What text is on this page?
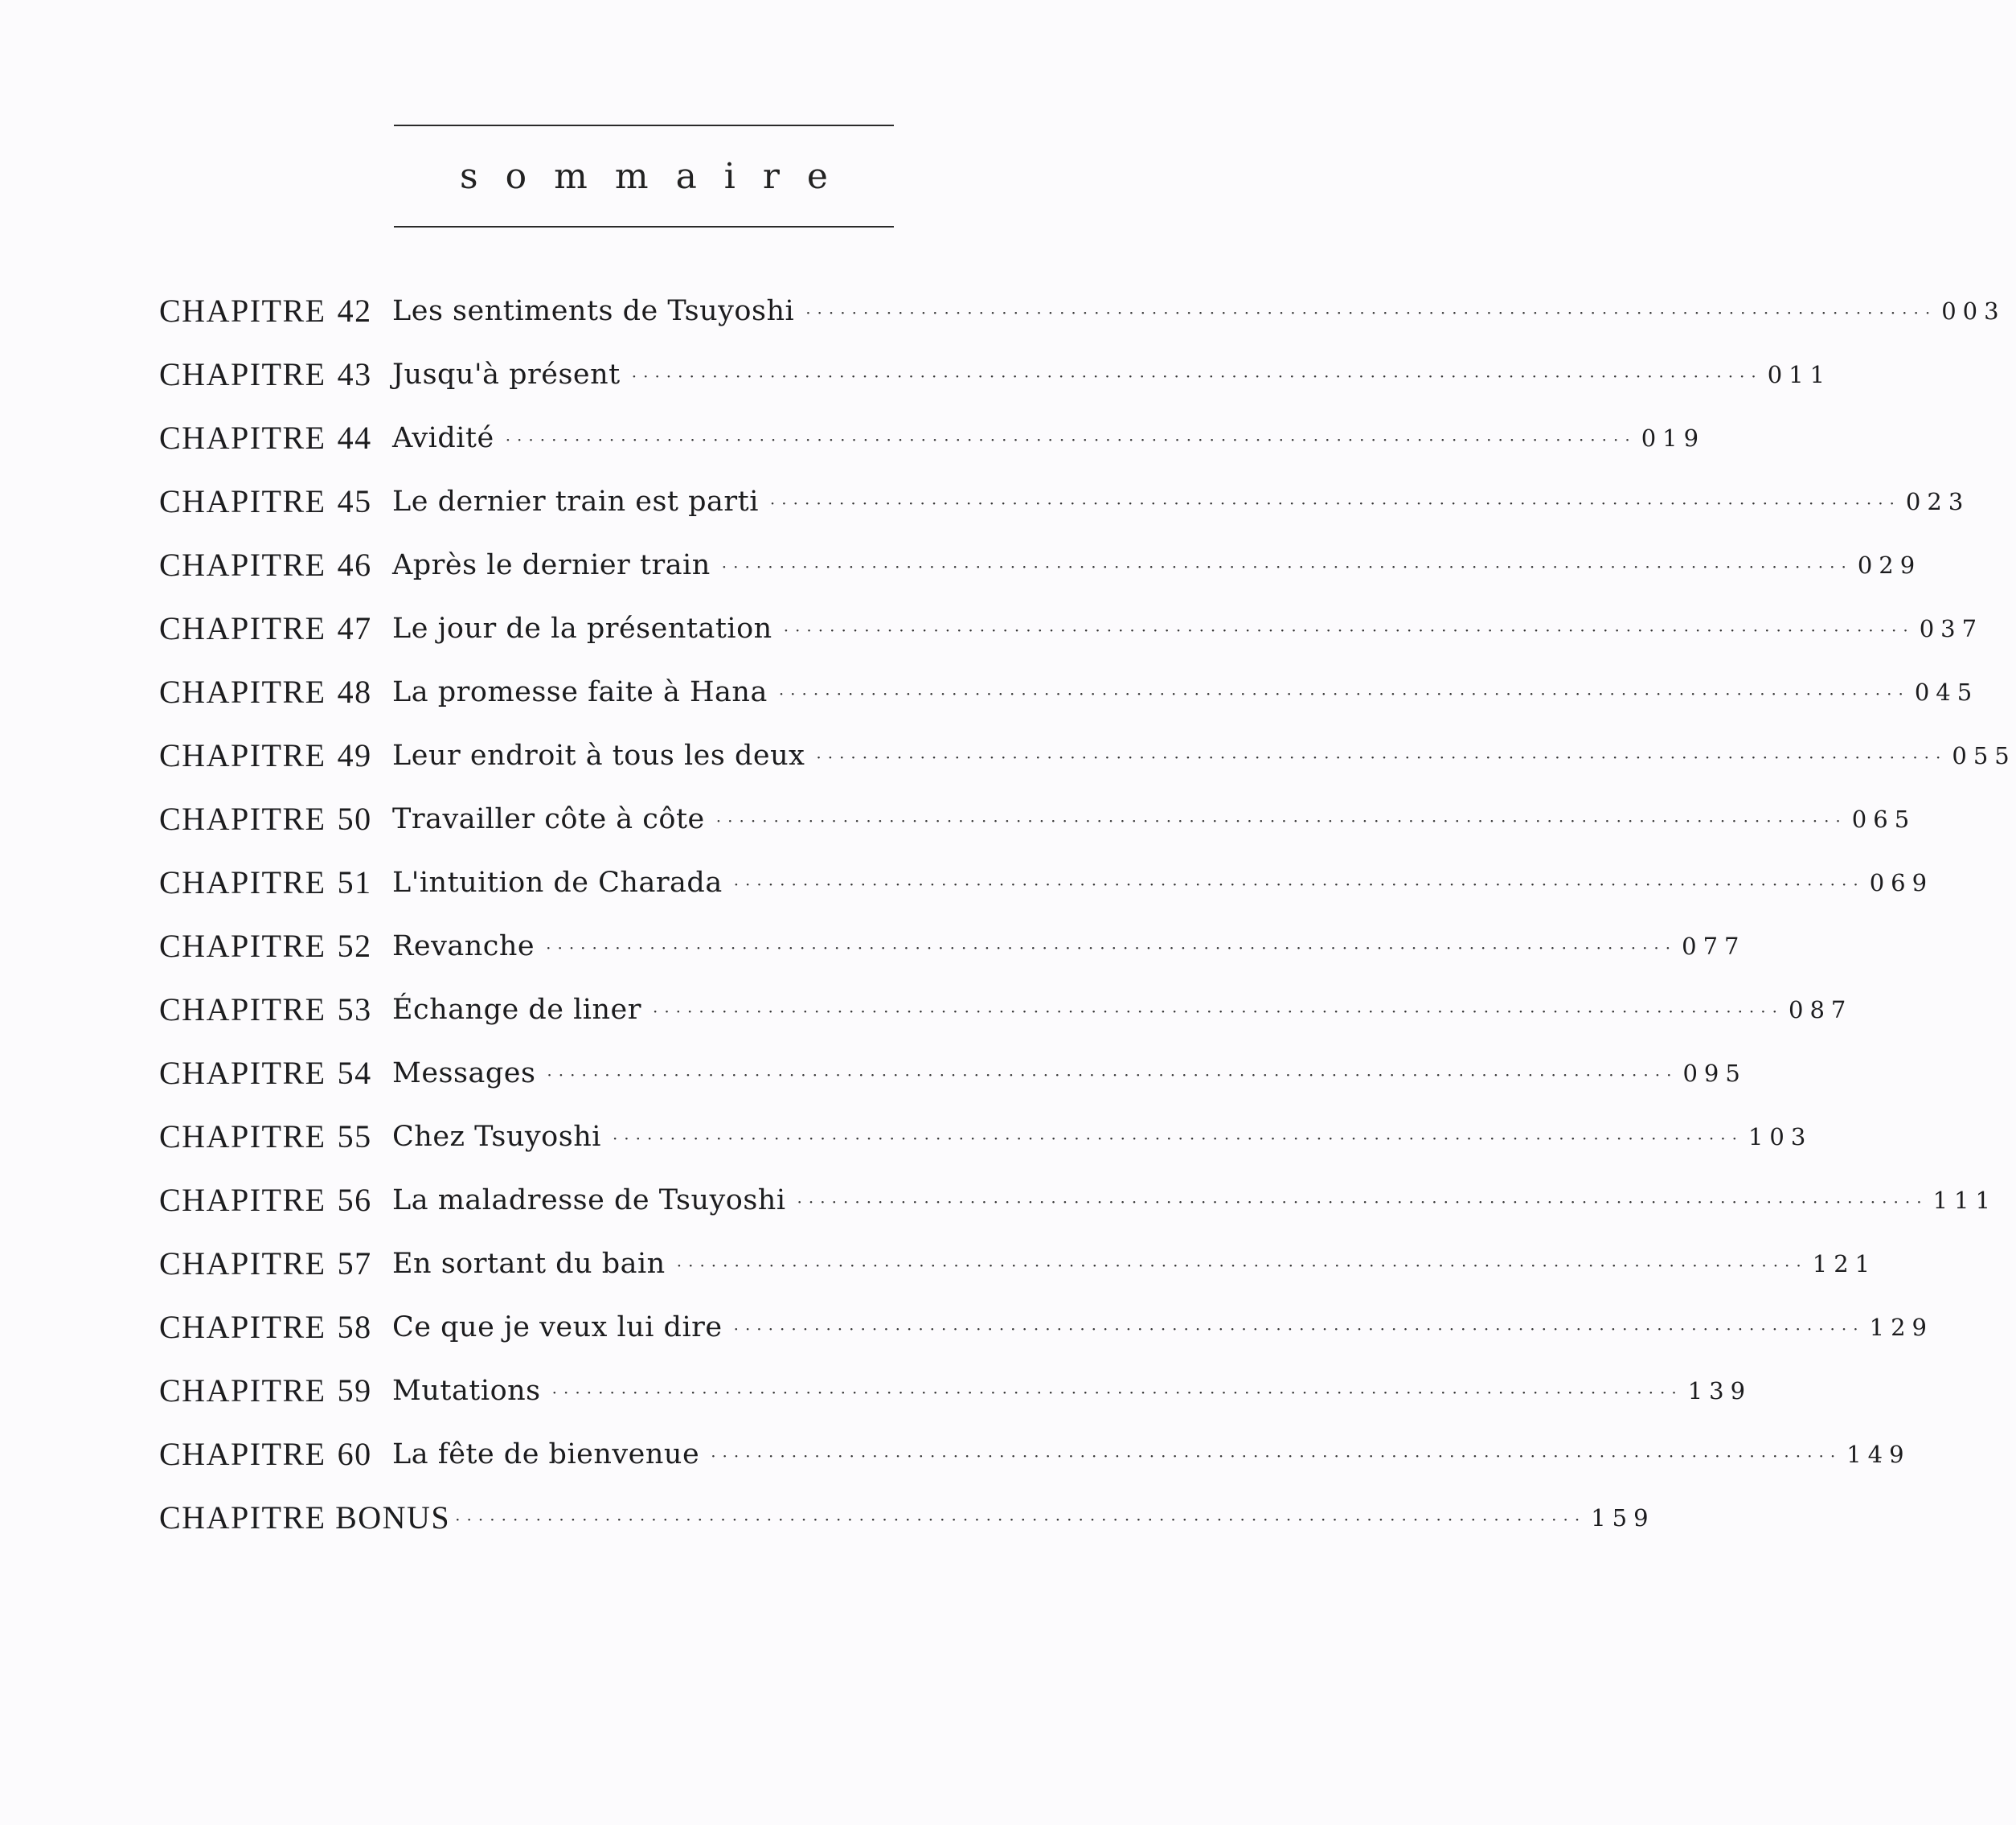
sommaire
CHAPITRE 42 Les sentiments de Tsuyoshi ·································································································· 003
CHAPITRE 43 Jusqu'à présent ·································································································· 011
CHAPITRE 44 Avidité ·································································································· 019
CHAPITRE 45 Le dernier train est parti ·································································································· 023
CHAPITRE 46 Après le dernier train ·································································································· 029
CHAPITRE 47 Le jour de la présentation ·································································································· 037
CHAPITRE 48 La promesse faite à Hana ·································································································· 045
CHAPITRE 49 Leur endroit à tous les deux ·································································································· 055
CHAPITRE 50 Travailler côte à côte ·································································································· 065
CHAPITRE 51 L'intuition de Charada ·································································································· 069
CHAPITRE 52 Revanche ·································································································· 077
CHAPITRE 53 Échange de liner ·································································································· 087
CHAPITRE 54 Messages ·································································································· 095
CHAPITRE 55 Chez Tsuyoshi ·································································································· 103
CHAPITRE 56 La maladresse de Tsuyoshi ·································································································· 111
CHAPITRE 57 En sortant du bain ·································································································· 121
CHAPITRE 58 Ce que je veux lui dire ·································································································· 129
CHAPITRE 59 Mutations ·································································································· 139
CHAPITRE 60 La fête de bienvenue ·································································································· 149
CHAPITRE BONUS ·································································································· 159
